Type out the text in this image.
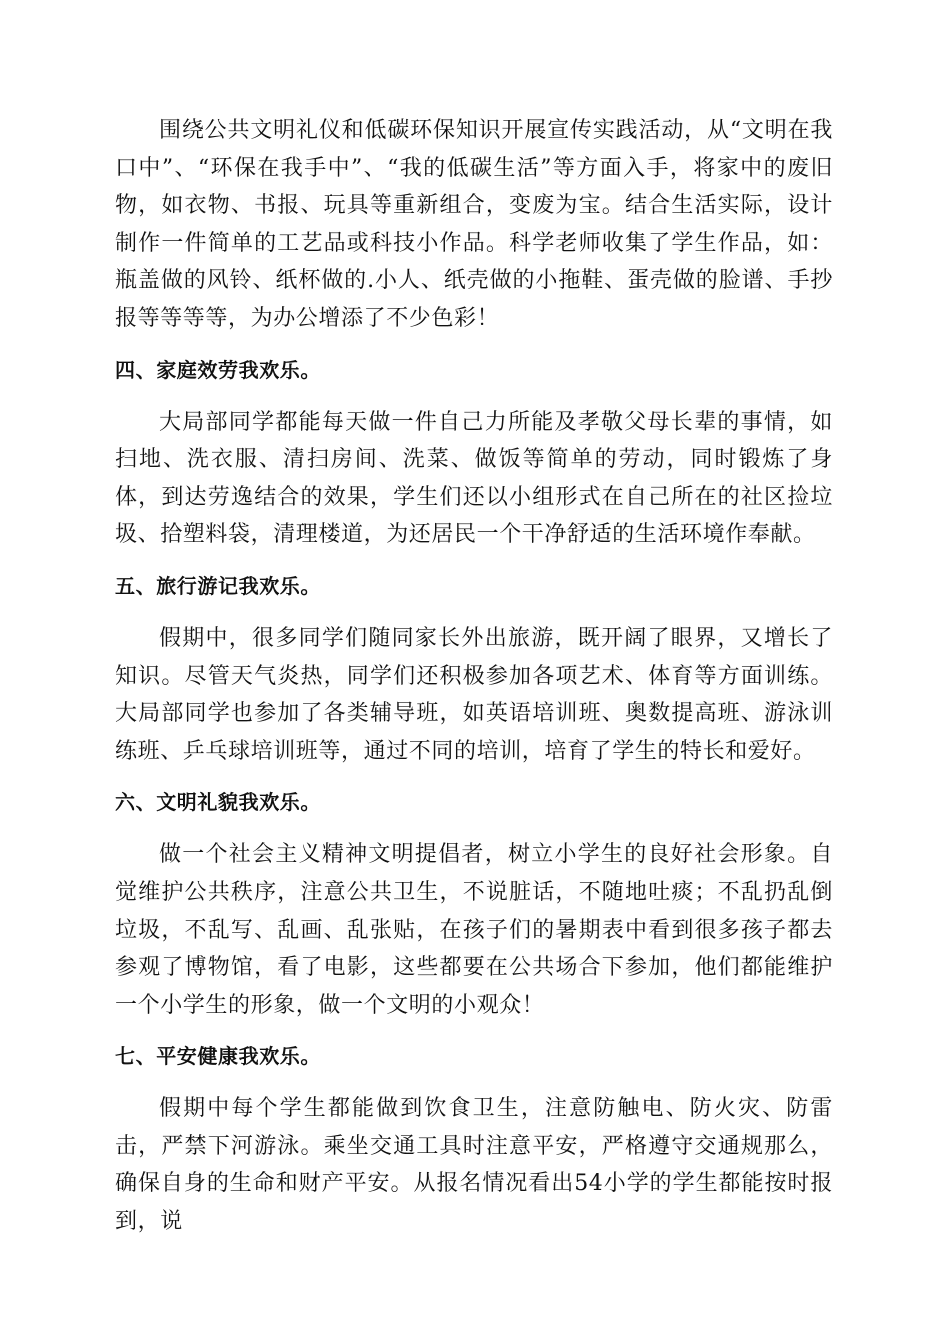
围绕公共文明礼仪和低碳环保知识开展宣传实践活动，从“文明在我口中”、“环保在我手中”、“我的低碳生活”等方面入手，将家中的废旧物，如衣物、书报、玩具等重新组合，变废为宝。结合生活实际，设计制作一件简单的工艺品或科技小作品。科学老师收集了学生作品，如：瓶盖做的风铃、纸杯做的.小人、纸壳做的小拖鞋、蛋壳做的脸谱、手抄报等等等等，为办公增添了不少色彩！

四、家庭效劳我欢乐。

大局部同学都能每天做一件自己力所能及孝敬父母长辈的事情，如扫地、洗衣服、清扫房间、洗菜、做饭等简单的劳动，同时锻炼了身体，到达劳逸结合的效果，学生们还以小组形式在自己所在的社区捡垃圾、拾塑料袋，清理楼道，为还居民一个干净舒适的生活环境作奉献。

五、旅行游记我欢乐。

假期中，很多同学们随同家长外出旅游，既开阔了眼界，又增长了知识。尽管天气炎热，同学们还积极参加各项艺术、体育等方面训练。大局部同学也参加了各类辅导班，如英语培训班、奥数提高班、游泳训练班、乒乓球培训班等，通过不同的培训，培育了学生的特长和爱好。

六、文明礼貌我欢乐。

做一个社会主义精神文明提倡者，树立小学生的良好社会形象。自觉维护公共秩序，注意公共卫生，不说脏话，不随地吐痰；不乱扔乱倒垃圾，不乱写、乱画、乱张贴，在孩子们的暑期表中看到很多孩子都去参观了博物馆，看了电影，这些都要在公共场合下参加，他们都能维护一个小学生的形象，做一个文明的小观众！

七、平安健康我欢乐。

假期中每个学生都能做到饮食卫生，注意防触电、防火灾、防雷击，严禁下河游泳。乘坐交通工具时注意平安，严格遵守交通规那么，确保自身的生命和财产平安。从报名情况看出54小学的学生都能按时报到，说
